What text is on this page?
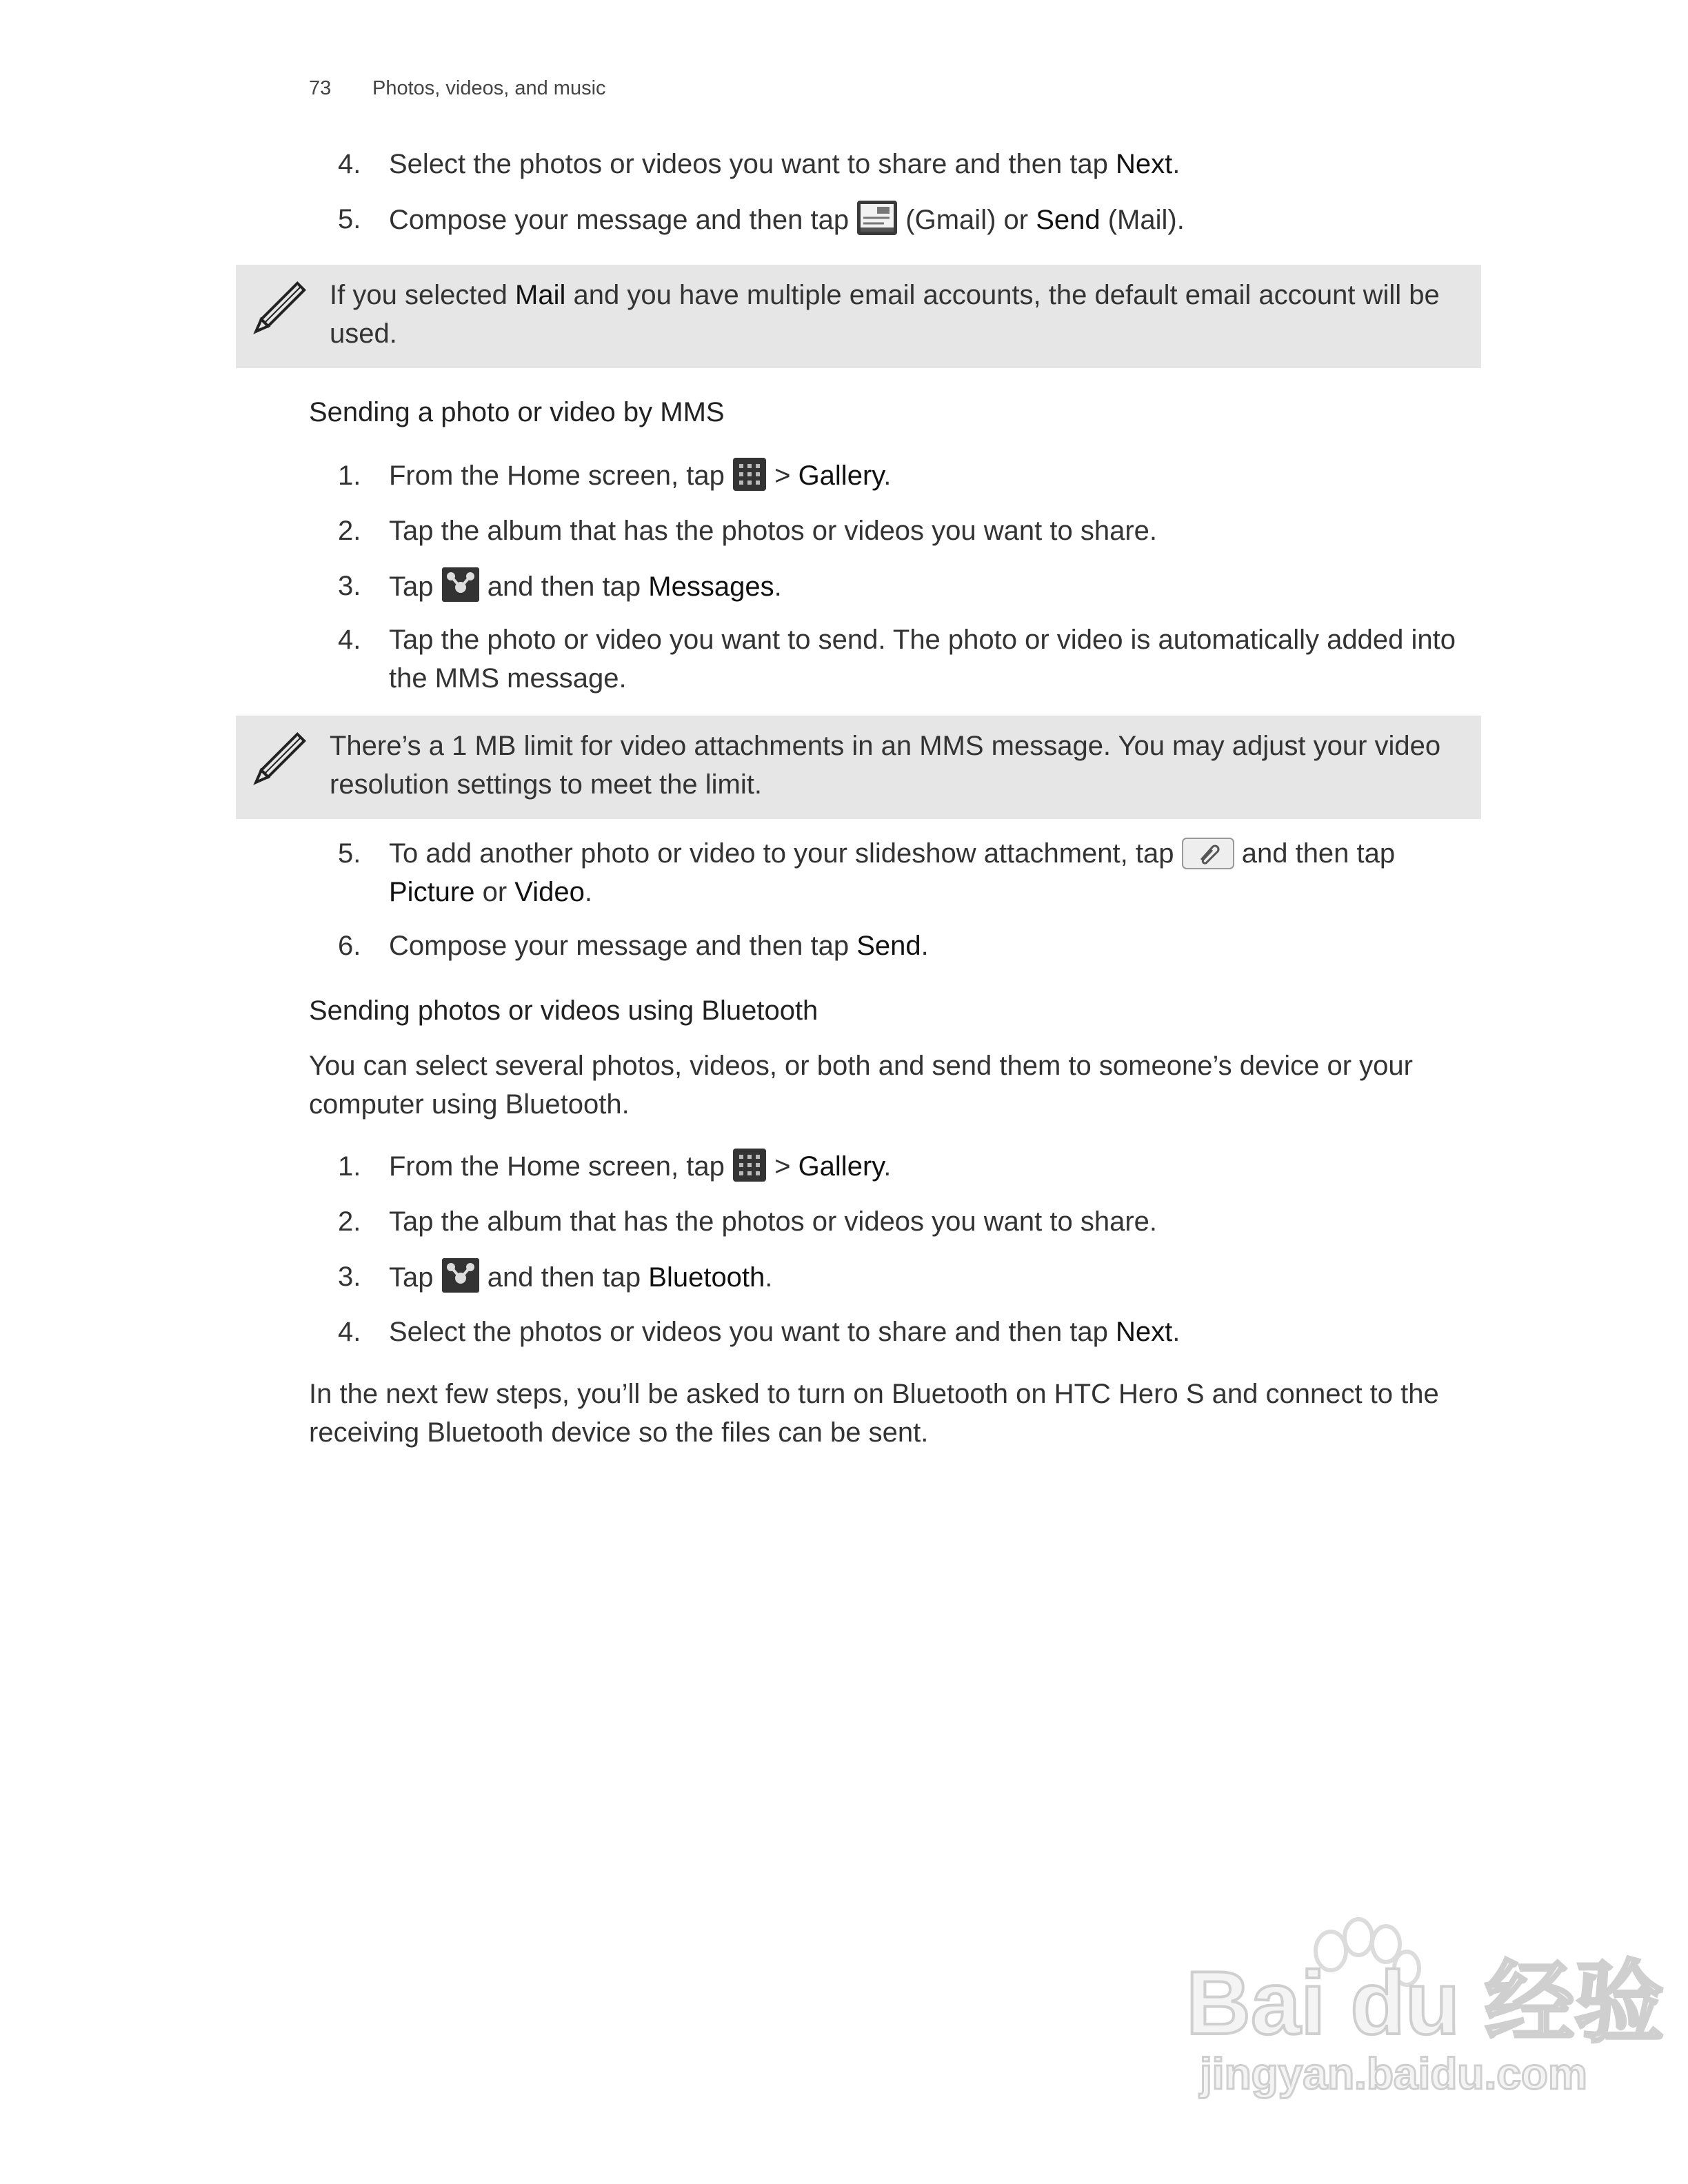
73 Photos, videos, and music
4.	Select the photos or videos you want to share and then tap Next.
5.	Compose your message and then tap  (Gmail) or Send (Mail).
If you selected Mail and you have multiple email accounts, the default email account will be used.
Sending a photo or video by MMS
1.	From the Home screen, tap  > Gallery.
2.	Tap the album that has the photos or videos you want to share.
3.	Tap  and then tap Messages.
4.	Tap the photo or video you want to send. The photo or video is automatically added into the MMS message.
There’s a 1 MB limit for video attachments in an MMS message. You may adjust your video resolution settings to meet the limit.
5.	To add another photo or video to your slideshow attachment, tap  and then tap Picture or Video.
6.	Compose your message and then tap Send.
Sending photos or videos using Bluetooth
You can select several photos, videos, or both and send them to someone’s device or your computer using Bluetooth.
1.	From the Home screen, tap  > Gallery.
2.	Tap the album that has the photos or videos you want to share.
3.	Tap  and then tap Bluetooth.
4.	Select the photos or videos you want to share and then tap Next.
In the next few steps, you’ll be asked to turn on Bluetooth on HTC Hero S and connect to the receiving Bluetooth device so the files can be sent.
Bai du 经验
jingyan.baidu.com
